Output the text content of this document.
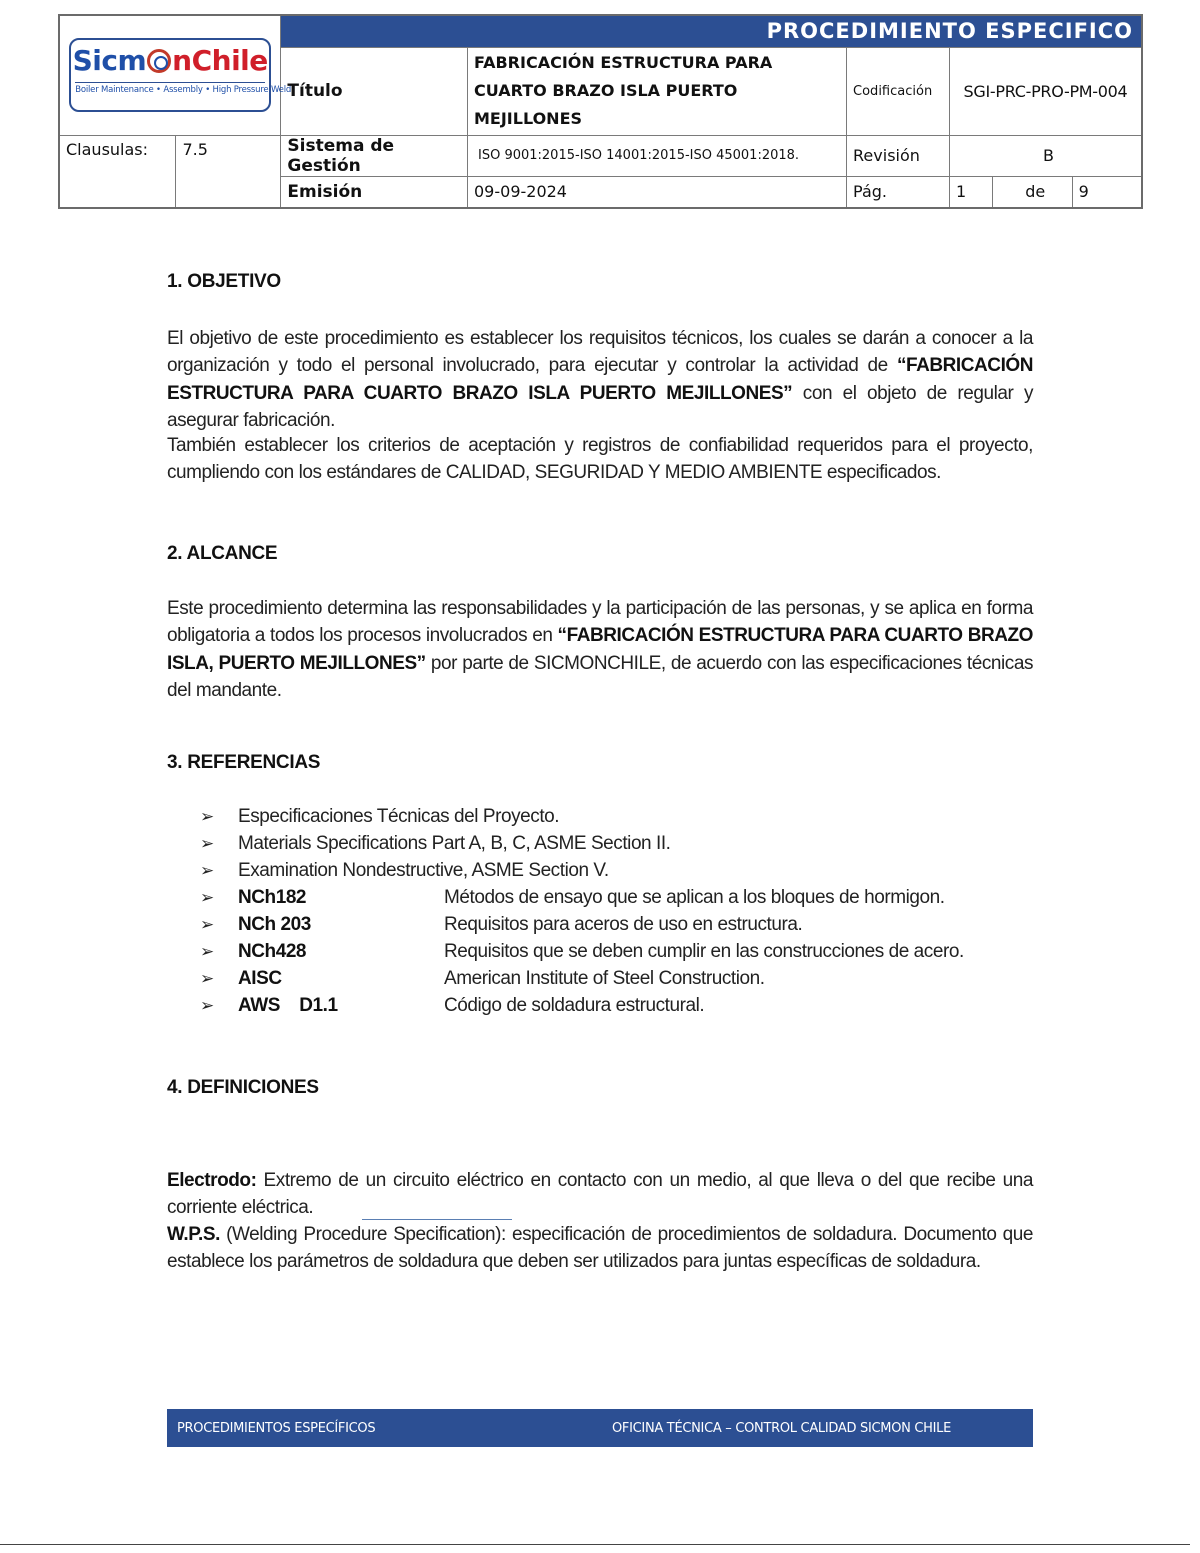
Sicm nChile
Boiler Maintenance • Assembly • High Pressure Weld		PROCEDIMIENTO ESPECIFICO					
		Título	FABRICACIÓN ESTRUCTURA PARA CUARTO BRAZO ISLA PUERTO MEJILLONES	Codificación	SGI-PRC-PRO-PM-004		
Clausulas:	7.5	Sistema de Gestión	ISO 9001:2015-ISO 14001:2015-ISO 45001:2018.	Revisión	B		
		Emisión	09-09-2024	Pág.	1	de	9
1. OBJETIVO

El objetivo de este procedimiento es establecer los requisitos técnicos, los cuales se darán a conocer a la organización y todo el personal involucrado, para ejecutar y controlar la actividad de “FABRICACIÓN ESTRUCTURA PARA CUARTO BRAZO ISLA PUERTO MEJILLONES” con el objeto de regular y asegurar fabricación.

También establecer los criterios de aceptación y registros de confiabilidad requeridos para el proyecto, cumpliendo con los estándares de CALIDAD, SEGURIDAD Y MEDIO AMBIENTE especificados.

2. ALCANCE

Este procedimiento determina las responsabilidades y la participación de las personas, y se aplica en forma obligatoria a todos los procesos involucrados en “FABRICACIÓN ESTRUCTURA PARA CUARTO BRAZO ISLA, PUERTO MEJILLONES” por parte de SICMONCHILE, de acuerdo con las especificaciones técnicas del mandante.

3. REFERENCIAS
➢	Especificaciones Técnicas del Proyecto.
➢	Materials Specifications Part A, B, C, ASME Section II.
➢	Examination Nondestructive, ASME Section V.
➢	NCh182	Métodos de ensayo que se aplican a los bloques de hormigon.
➢	NCh 203	Requisitos para aceros de uso en estructura.
➢	NCh428	Requisitos que se deben cumplir en las construcciones de acero.
➢	AISC	American Institute of Steel Construction.
➢	AWS    D1.1	Código de soldadura estructural.
4. DEFINICIONES

Electrodo: Extremo de un circuito eléctrico en contacto con un medio, al que lleva o del que recibe una corriente eléctrica.

W.P.S. (Welding Procedure Specification): especificación de procedimientos de soldadura. Documento que establece los parámetros de soldadura que deben ser utilizados para juntas específicas de soldadura.

PROCEDIMIENTOS ESPECÍFICOS	OFICINA TÉCNICA – CONTROL CALIDAD SICMON CHILE
